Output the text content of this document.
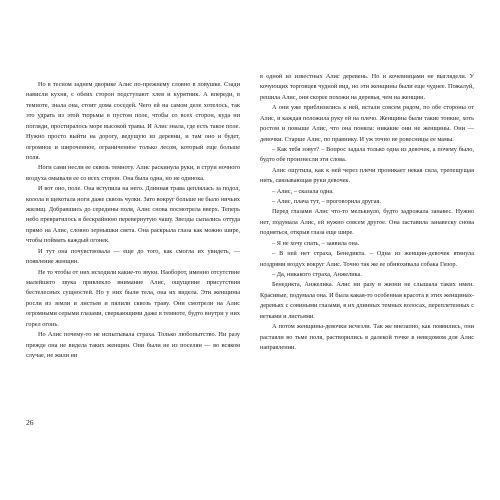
Но в тесном заднем дворике Алис по-прежнему словно в ловушке. Сзади нависли кухня, с обеих сторон подступают хлев и курятник. А впереди, в темноте, знала она, стоит дома соседей. Чего ей на самом деле хотелось, так это удрать из этой тюрьмы в пустом поле, чтобы со всех сторон, куда ни погляди, простиралось море высокой травы. И Алис знала, где есть такое поле. Нужно просто выйти на дорогу, ведущую из деревни, и там оно и будет, огромное и широченное, ограниченное только лесом, который еще больше поля.

Ноги сами несли ее сквозь темноту. Алис раскинула руки, и струи ночного воздуха омывали ее со всех сторон. Она была одна, но не одинока.

И вот оно, поле. Она вступила на него. Длинная трава цеплялась за подол, колола и щекотала ноги даже сквозь чулки. Зато вокруг больше не было ничьих жилищ. Добравшись до середины поля, Алис снова посмотрела вверх. Теперь небо превратилось в бескрайнюю перевернутую чашу. Звезды сыпались оттуда прямо на Алис, словно зернышки света. Она раскрыла глаза как можно шире, чтобы поймать каждый огонек.

И тут она почувствовала — еще до того, как смогла их увидеть, — появление женщин.

Не то чтобы от них исходили какие-то звуки. Наоборот, именно отсутствие малейшего звука привлекло внимание Алис, ощущение присутствия бестелесных сущностей. Но у них были тела, она их видела. Эти женщины росли из земли и листьев и пялили сквозь траву. Они смотрели на Алис огромными серыми глазами, сверкающими даже в темноте, будто внутри у них горел огонь.

Но Алис почему-то не испытывала страха. Только любопытство. Ни разу прежде она не видела таких женщин. Они были не из поселян — во всяком случае, не жили ни

26

в одной из известных Алис деревень. Но и кочевницами не выглядели. У кочующих торговцев чудной вид, но эти женщины были еще чуднее. Пожалуй, решила Алис, они скорее похожи на деревья, чем на женщин.

А они уже приблизились к ней, встали совсем рядом, по обе стороны от Алис, и каждая положила руку ей на плечо. Женщины были такие тонкие, хоть ростом и повыше Алис, что она поняла: никакие они не женщины. Они — девочки. Старше Алис, по правнику. И уж точно не ровесницы ее мамы.

– Как тебя зовут? – Вопрос задала только одна из девочек, а почему было, будто обе произнесли эти слова.

Алис ощутила, как к ней через плечи проникает некая сила, трепещущая нить, связывающая руки девочек.

– Алис, – сказала одна.

– Алис, плача тут, – проговорила другая.

Перед глазами Алис что-то мелькнуло, будто задрожала занавес. Нужно нет, подумала Алис, ей нужно совсем другое. Она заставила занавеску снова подняться, открыв глаза еще шире.

– Я не хочу спать, – заявила она.

– В ней нет страха, Бенедикта. – Одна из женщин-девочек втянула ноздрями воздух вокруг Алис. Точно так же ее обнюхивала собака Гизор.

– Да, никакого страха, Анжелика.

Бенедикта, Анжелика. Алис ни разу в жизни не слышала таких имен. Красивые, подумала она. И была какая-то особенная красота в этих женщинах-деревьях с совиными глазами, в их длинных темных волосах, переплетенных с ветками и листьями.

А потом женщины-девочки исчезли. Так же внезапно, как появились, они растаяли во тьме поля, растворились в далекой точке в неведомом для Алис направлении.
